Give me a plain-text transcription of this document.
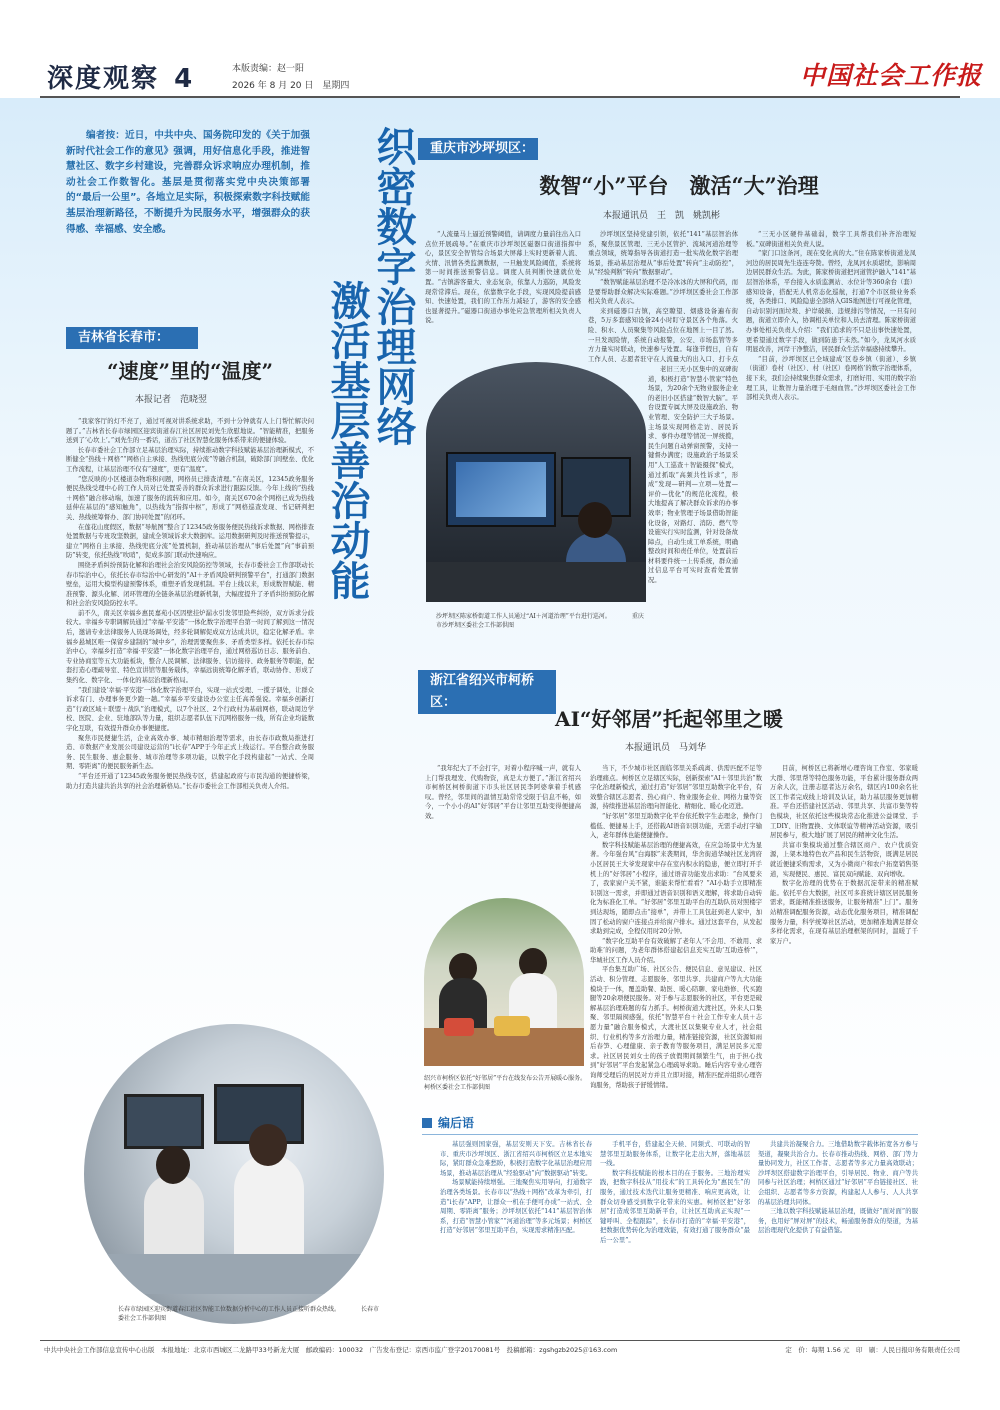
深度观察 4	本版责编：赵一阳
2026 年 8 月 20 日　星期四	中国社会工作报
编者按：近日，中共中央、国务院印发的《关于加强新时代社会工作的意见》强调，用好信息化手段，推进智慧社区、数字乡村建设，完善群众诉求响应办理机制，推动社会工作数智化。基层是贯彻落实党中央决策部署的“最后一公里”。各地立足实际，积极探索数字科技赋能基层治理新路径，不断提升为民服务水平，增强群众的获得感、幸福感、安全感。	织密数字治理网络
激活基层善治动能
吉林省长春市：
“速度”里的“温度”
本报记者　范晓翌

“我家客厅的灯不亮了，通过可视对讲系统求助，不到十分钟就有人上门帮忙解决问题了。”吉林省长春市绿园区迎宾街道春江社区居民刘先生欣慰地说。“智能精准，把服务送到了‘心坎上’。”刘先生的一番话，道出了社区智慧化服务体系带来的便捷体验。

长春市委社会工作部立足基层治理实际，持续推动数字科技赋能基层治理新模式，不断健全“热线＋网格”“网格自主承接、热线兜底分流”等融合机制，破除部门间壁垒、优化工作流程，让基层治理不仅有“速度”，更有“温度”。

“您反映的小区楼道杂物堆积问题，网格员已排查清理。”在南关区，12345政务服务便民热线受理中心的工作人员对已处置妥善的群众诉求进行跟踪反馈。今年上线的“热线＋网格”融合移动端，加速了服务的流转和应用。如今，南关区670余个网格已成为热线延伸在基层的“感知触角”，以热线为“指挥中枢”，形成了“网格巡查发现、书记研判把关、热线统筹督办、部门协同处置”的闭环。

在莲花山度假区，数据“导航图”整合了12345政务服务便民热线诉求数据、网格排查处置数据与专班攻坚数据，建成全领域诉求大数据库。运用数据研判及时推送预警提示，建立“网格自主承接、热线兜底分流”处置机制，推动基层治理从“事后处置”向“事前预防”转变，依托热线“吹哨”，促成多部门联动快速响应。

围绕矛盾纠纷预防化解和治理社会治安风险防控等领域，长春市委社会工作部联动长春市综治中心，依托长春市综治中心研发的“AI＋矛盾风险研判预警平台”，打通部门数据壁垒，运用大模型构建预警体系，重塑矛盾发现机制。平台上线以来，形成数智赋能、精准预警、源头化解、闭环管理的全链条基层治理新机制，大幅度提升了矛盾纠纷预防化解和社会治安风险防控水平。

前不久，南关区幸福乡惠民嘉苑小区因壁挂炉漏水引发邻里险些纠纷，双方诉求分歧较大。幸福乡专职调解员通过“幸福·平安港”一体化数字治理平台第一时间了解到这一情况后，邀请专业法律服务人员现场调处，经多轮调解促成双方达成共识，稳定化解矛盾。幸福乡悬城区唯一保留乡建制的“城中乡”，治理需要聚焦多、矛盾类型多样。依托长春市综治中心，幸福乡打造“幸福·平安港”一体化数字治理平台，通过网格巡访日志、服务前台、专业协商室等五大功能板块，整合人民调解、法律服务、信访接待、政务服务等职能，配套打造心理疏导室、特色宣讲馆等服务载体，幸福远街统筹化解矛盾，联动协作、形成了集约化、数字化、一体化的基层治理新格局。

“我们建设‘幸福·平安港’一体化数字治理平台，实现一站式受理、一揽子调处，让群众诉求有门、办理事务更少跑一趟。”幸福乡平安建设办公室主任高希强说。幸福乡创新打造“行政区域＋联盟＋战队”治理模式，以7个社区、2个行政村为基础网格，联动周边学校、医院、企业、驻地部队等力量，组织志愿者队伍下沉网格服务一线，所有企业均能数字化互联，有效提升群众办事便捷度。

聚焦市民便捷生活，企业高效办事、城市精细治理等需求，由长春市政数局推进打造、市数据产业发展公司建设运营的“i长春”APP于今年正式上线运行。平台整合政务服务、民生服务、惠企服务、城市治理等多项功能，以数字化手段构建起“一站式、全周期、零距离”的便民服务新生态。

“平台还开通了12345政务服务便民热线专区，搭建起政府与市民沟通的便捷桥梁，助力打造共建共治共享的社会治理新格局。”长春市委社会工作部相关负责人介绍。

长春市绿园区迎宾街道春江社区智能工位数据分析中心的工作人员正接听群众热线。　　　　长春市委社会工作部供图
重庆市沙坪坝区：
数智“小”平台　激活“大”治理
本报通讯员　王　凯　姚凯彬

“人流量马上逼近预警阈值，请调度力量前往出入口点位开展疏导。”在重庆市沙坪坝区磁器口街道指挥中心，景区安全智管综合场景大屏幕上实时更新着人流、火情、汛情各类监测数据，一旦触发风险阈值，系统将第一时间推送预警信息。调度人员判断快速就位处置。“古镇游客量大、业态复杂，依靠人力巡防，风险发现常常滞后。现在，依靠数字化手段，实现风险提前感知、快速处置，我们的工作压力减轻了，游客的安全感也显著提升。”磁器口街道办事处应急管理所相关负责人说。

沙坪坝区坚持党建引领，依托“141”基层智治体系，聚焦景区管理、三无小区管护、流域河道治理等重点领域，统筹指导各街道打造一批实战化数字治理场景，推动基层治理从“事后处置”转向“主动防控”，从“经验判断”转向“数据驱动”。

“数智赋能基层治理不是冷冰冰的大屏和代码，而是要帮助群众解决实际难题。”沙坪坝区委社会工作部相关负责人表示。

来到磁器口古镇，高空瞭望、烟感设备遍布街巷，5万多套感知设备24小时盯守景区各个角落。火险、积水、人员聚集等风险点位在地图上一目了然。一旦发现险情，系统自动报警，公安、市场监管等多方力量实时联动，快速参与处置。每逢节假日，自有工作人员、志愿者驻守在人流量大的出入口、打卡点

老旧三无小区集中的双碑街道，积极打造“智慧小管家”特色场景，为20余个无物业服务企业的老旧小区搭建“数智大脑”。平台设置专属大屏及设施政治、物业管理、安全防护三大子场景。主场景实现网格走访、居民诉求、事件办理等情况一屏统揽，民生问题自动弹窗预警，支持一键督办满度；设施政治子场景采用“人工巡查＋智能摄探”模式，通过抓取“高频共性诉求”，形成“发现—研判—立项—处置—评价—优化”的规范化流程，极大地提高了解决群众诉求的办事效率；物业管理子场景借助智能化设备，对路灯、消防、燃气等设施实行实时监测，针对设备故障点，自动生成工单系统，明确整改时间和责任单位，处置前后材料要件统一上传系统，群众通过信息平台可实时查看处置情况。

“三无小区硬件基础弱，数字工具帮我们补齐治理短板。”双碑街道相关负责人说。

“家门口这条河，现在变化真的大。”住在陈家桥街道龙凤河边的居民周先生连连夸赞。曾经，龙凤河水质堪忧，影响周边居民群众生活。为此，陈家桥街道把河道管护融入“141”基层智治体系，平台接入水质监测站、水位计等360余台（套）感知设备，搭配无人机常态化巡航，打通7个市区级业务系统，各类排口、风险隐患全部纳入GIS地图进行可视化管理，自动识别河面垃圾、护岸破损、违规排污等情况，一旦有问题，街道立即介入，协调相关单位和人员去清理。陈家桥街道办事处相关负责人介绍：“我们追求的不只是出事快速处置，更希望通过数字手段，做到防患于未然。”如今，龙凤河水质明显改善，河岸干净整洁，居民群众生活幸福感持续攀升。

“目前，沙坪坝区已全域建成‘区卷乡镇（街道）、乡镇（街道）卷村（社区）、村（社区）卷网格’的数字治理体系，接下来，我们会持续聚焦群众需求，打磨好用、实用的数字治理工具，让数智力量治理于毛细血管。”沙坪坝区委社会工作部相关负责人表示。

沙坪坝区陈家桥街道工作人员通过“AI＋河道治理”平台进行巡河。　　　　重庆市沙坪坝区委社会工作部供图
浙江省绍兴市柯桥区：
AI“好邻居”托起邻里之暖
本报通讯员　马刘华

“我年纪大了不会打字，对着小程序喊一声，就有人上门帮我理发、代购物资，真是太方便了。”浙江省绍兴市柯桥区柯桥街道下市头社区居民李阿婆拿着手机感叹。曾经，邻里间的温情互助常常受限于信息不畅，如今，一个小小的AI“好邻居”平台让邻里互助变得便捷高效。

当下，不少城市社区面临邻里关系疏离、供需匹配不足等治理痛点。柯桥区立足辖区实际，创新探索“AI＋邻里共治”数字化治理新模式，通过打造“好邻居”邻里互助数字化平台，有效整合辖区志愿者、热心商户、物业服务企业、网格力量等资源，持续推进基层治理向智能化、精细化、暖心化迈进。

“好邻居”邻里互助数字化平台依托数字生态理念，操作门槛低、便捷易上手，还搭载AI语音识别功能，无需手动打字输入，老年群体也能便捷操作。

数字科技赋能基层治理的便捷高效，在应急场景中尤为显著。今年强台风“白海豚”来袭期间，华舍街道华城社区龙湾府小区居民王大爷发现家中存在室内积水的隐患，便立即打开手机上的“好邻居”小程序，通过语音功能发出求助：“台风要来了，我家窗户关不紧，谁能来帮忙看看？”AI小助手立即精准识别这一需求，并即通过语音识别和语义理解，将求助自动转化为标准化工单。“好邻居”邻里互助平台的互助队员对照楼宇到达现场，随即点击“接单”，并带上工具包赶到老人家中，加固了松动的窗户连接点并给窗户排水。通过这套平台，从发起求助到完成，全程仅用时20分钟。

“数字化互助平台有效破解了老年人‘不会用、不敢用、求助难’的问题，为老年群体搭建起信息充实互助‘互助连桥’”，华城社区工作人员介绍。

平台集互助广场、社区公告、便民信息、意见建议、社区活动、积分管理、志愿服务、邻里共享、共建商户等九大功能模块于一体，覆盖助餐、助医、暖心陪聊、家电维修、代买跑腿等20余项便民服务。对于参与志愿服务的社区，平台更是破解基层治理难题的有力抓手。柯桥街道大渡社区，外来人口集聚、邻里隔阂感强，依托“智慧平台＋社会工作专业人员＋志愿力量”融合服务模式，大渡社区以集聚专业人才，社会组织、行业机构等多方治理力量，精准链接资源，社区资源如雨后春笋、心理健康、亲子教育等服务项目，满足居民多元需求。社区居民刘女士的孩子放假期间频繁生气，由于担心找到“好邻居”平台发起紧急心理疏导求助。睡后内容专业心理咨询师受理后的居民对方并且立即对接，精准匹配并组织心理咨询服务，帮助孩子舒缓情绪。

目前，柯桥区已将新增心理咨询工作室、邻家暖大群、邻里帮等特色服务功能，平台累计服务群众两万余人次，注册志愿者达万余名，辖区内100余名社区工作者完成线上培训及认证，助力基层服务更加精准。平台还搭建社区活动、邻里共享、共富市集等特色模块，社区依托这些模块常态化推进公益课堂、手工DIY、旧物置换、文体联谊等精神活动资源，吸引居民参与，极大地扩展了居民的精神文化生活。

共富市集模块通过整合辖区商户、农户优质资源，上架本地特色农产品和民生活物资，既满足居民就近便捷采购需求，又为小微商户和农户拓宽销售渠道，实现便民、惠民、富民双向赋能、双向增收。

数字化治理的优势在于数据沉淀带来的精准赋能。依托平台大数据，社区可多准统计辖区居民服务需求，既能精准推送服务，让服务精准“上门”。服务站精准调配服务资源，动态优化服务项目，精准调配服务力量，科学统筹社区活动，更加精准地满足群众多样化需求，在现有基层治理框架的同时，温暖了千家万户。

绍兴市柯桥区依托“好邻居”平台在线发布公告开展暖心服务。　　柯桥区委社会工作部供图
编后语

基层强则国家强，基层安则天下安。吉林省长春市、重庆市沙坪坝区、浙江省绍兴市柯桥区立足本地实际，紧盯群众急难愁盼，积极打造数字化基层治理应用场景，推动基层治理从“经验驱动”向“数据驱动”转变。

场景赋能持续增强。三地聚焦实用导向，打通数字治理各类场景。长春市以“热线＋网格”改革为牵引，打造“i长春”APP，让群众一机在手便可办成“一站式、全周期、零距离”服务；沙坪坝区依托“141”基层智治体系，打造“智慧小管家”“河道治理”等多元场景；柯桥区打造“好邻居”邻里互助平台，实现需求精准匹配。

手机平台，搭建起全天候、同频式、可联动的智慧邻里互助服务体系，让数字化走出大屏，落地基层一线。

数字科技赋能的根本目的在于服务。三地治理实践，把数字科技从“用技术”的工具转化为“惠民生”的服务，通过技术迭代让服务更精准、响应更高效，让群众切身感受到数字化带来的实惠。柯桥区把“好邻居”打造成邻里互助新平台，让社区互助真正实现“一键呼叫、全程跟踪”，长春市打造的“幸福·平安港”，把数据优势转化为治理效能，有效打通了服务群众“最后一公里”。

共建共治凝聚合力。三地借助数字载体拓宽各方参与渠道，凝聚共治合力。长春市推动热线、网格、部门等力量协同发力，社区工作者、志愿者等多元力量高效联动；沙坪坝区搭建数字治理平台，引导居民、物业、商户等共同参与社区治理；柯桥区通过“好邻居”平台链接社区、社会组织、志愿者等多方资源，构建起人人参与、人人共享的基层治理共同体。

三地以数字科技赋能基层治理，既做好“面对面”的服务，也用好“屏对屏”的技术，畅通服务群众的渠道，为基层治理现代化提供了有益借鉴。

中共中央社会工作部信息宣传中心出版　本报地址：北京市西城区二龙路甲33号新龙大厦　邮政编码：100032　广告发布登记：京西市监广登字20170081号　投稿邮箱：zgshgzb2025＠163.com	定　价：每期 1.56 元　印　刷：人民日报印务有限责任公司
